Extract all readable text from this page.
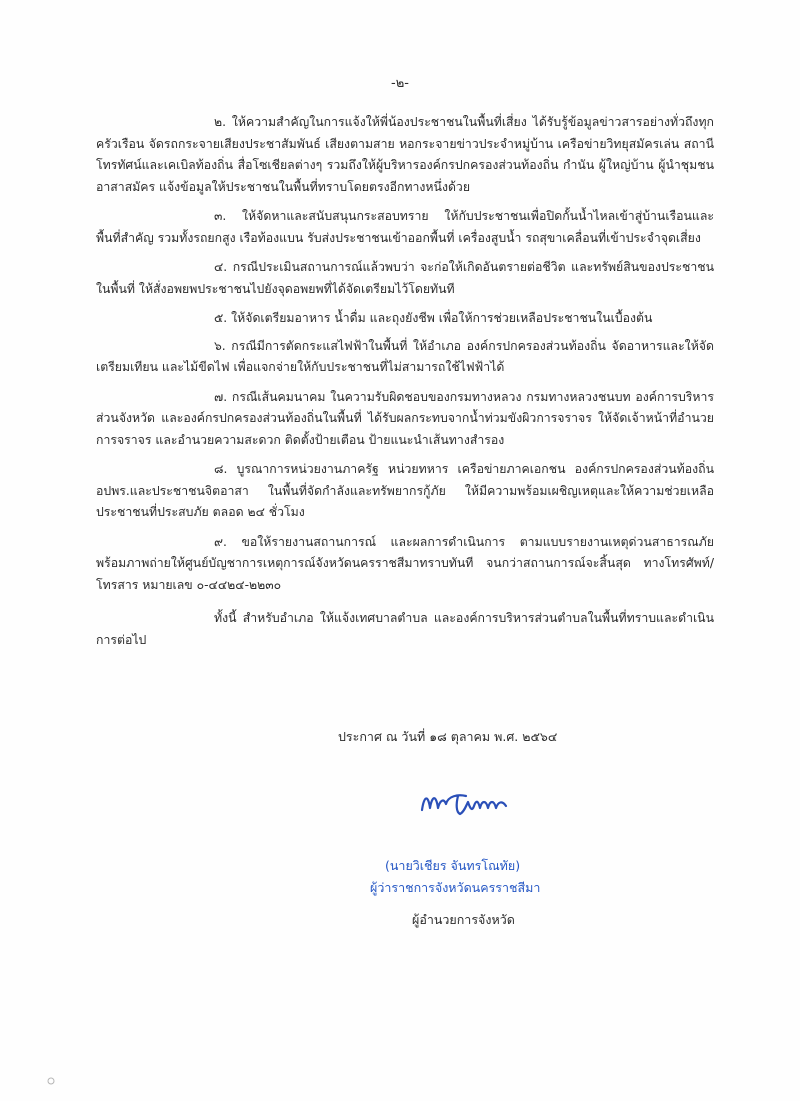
-๒-

๒. ให้ความสำคัญในการแจ้งให้พี่น้องประชาชนในพื้นที่เสี่ยง ได้รับรู้ข้อมูลข่าวสารอย่างทั่วถึงทุกครัวเรือน จัดรถกระจายเสียงประชาสัมพันธ์ เสียงตามสาย หอกระจายข่าวประจำหมู่บ้าน เครือข่ายวิทยุสมัครเล่น สถานีโทรทัศน์และเคเบิลท้องถิ่น สื่อโซเชียลต่างๆ รวมถึงให้ผู้บริหารองค์กรปกครองส่วนท้องถิ่น กำนัน ผู้ใหญ่บ้าน ผู้นำชุมชน อาสาสมัคร แจ้งข้อมูลให้ประชาชนในพื้นที่ทราบโดยตรงอีกทางหนึ่งด้วย

๓. ให้จัดหาและสนับสนุนกระสอบทราย ให้กับประชาชนเพื่อปิดกั้นน้ำไหลเข้าสู่บ้านเรือนและพื้นที่สำคัญ รวมทั้งรถยกสูง เรือท้องแบน รับส่งประชาชนเข้าออกพื้นที่ เครื่องสูบน้ำ รถสุขาเคลื่อนที่เข้าประจำจุดเสี่ยง

๔. กรณีประเมินสถานการณ์แล้วพบว่า จะก่อให้เกิดอันตรายต่อชีวิต และทรัพย์สินของประชาชนในพื้นที่ ให้สั่งอพยพประชาชนไปยังจุดอพยพที่ได้จัดเตรียมไว้โดยทันที

๕. ให้จัดเตรียมอาหาร น้ำดื่ม และถุงยังชีพ เพื่อให้การช่วยเหลือประชาชนในเบื้องต้น

๖. กรณีมีการตัดกระแสไฟฟ้าในพื้นที่ ให้อำเภอ องค์กรปกครองส่วนท้องถิ่น จัดอาหารและให้จัดเตรียมเทียน และไม้ขีดไฟ เพื่อแจกจ่ายให้กับประชาชนที่ไม่สามารถใช้ไฟฟ้าได้

๗. กรณีเส้นคมนาคม ในความรับผิดชอบของกรมทางหลวง กรมทางหลวงชนบท องค์การบริหารส่วนจังหวัด และองค์กรปกครองส่วนท้องถิ่นในพื้นที่ ได้รับผลกระทบจากน้ำท่วมขังผิวการจราจร ให้จัดเจ้าหน้าที่อำนวยการจราจร และอำนวยความสะดวก ติดตั้งป้ายเตือน ป้ายแนะนำเส้นทางสำรอง

๘. บูรณาการหน่วยงานภาครัฐ หน่วยทหาร เครือข่ายภาคเอกชน องค์กรปกครองส่วนท้องถิ่น อปพร.และประชาชนจิตอาสา ในพื้นที่จัดกำลังและทรัพยากรกู้ภัย ให้มีความพร้อมเผชิญเหตุและให้ความช่วยเหลือประชาชนที่ประสบภัย ตลอด ๒๔ ชั่วโมง

๙. ขอให้รายงานสถานการณ์ และผลการดำเนินการ ตามแบบรายงานเหตุด่วนสาธารณภัย พร้อมภาพถ่ายให้ศูนย์บัญชาการเหตุการณ์จังหวัดนครราชสีมาทราบทันที จนกว่าสถานการณ์จะสิ้นสุด ทางโทรศัพท์/โทรสาร หมายเลข ๐-๔๔๒๔-๒๒๓๐

ทั้งนี้ สำหรับอำเภอ ให้แจ้งเทศบาลตำบล และองค์การบริหารส่วนตำบลในพื้นที่ทราบและดำเนินการต่อไป

ประกาศ ณ วันที่ ๑๘ ตุลาคม พ.ศ. ๒๕๖๔
(นายวิเชียร จันทรโณทัย)
ผู้ว่าราชการจังหวัดนครราชสีมา
ผู้อำนวยการจังหวัด
